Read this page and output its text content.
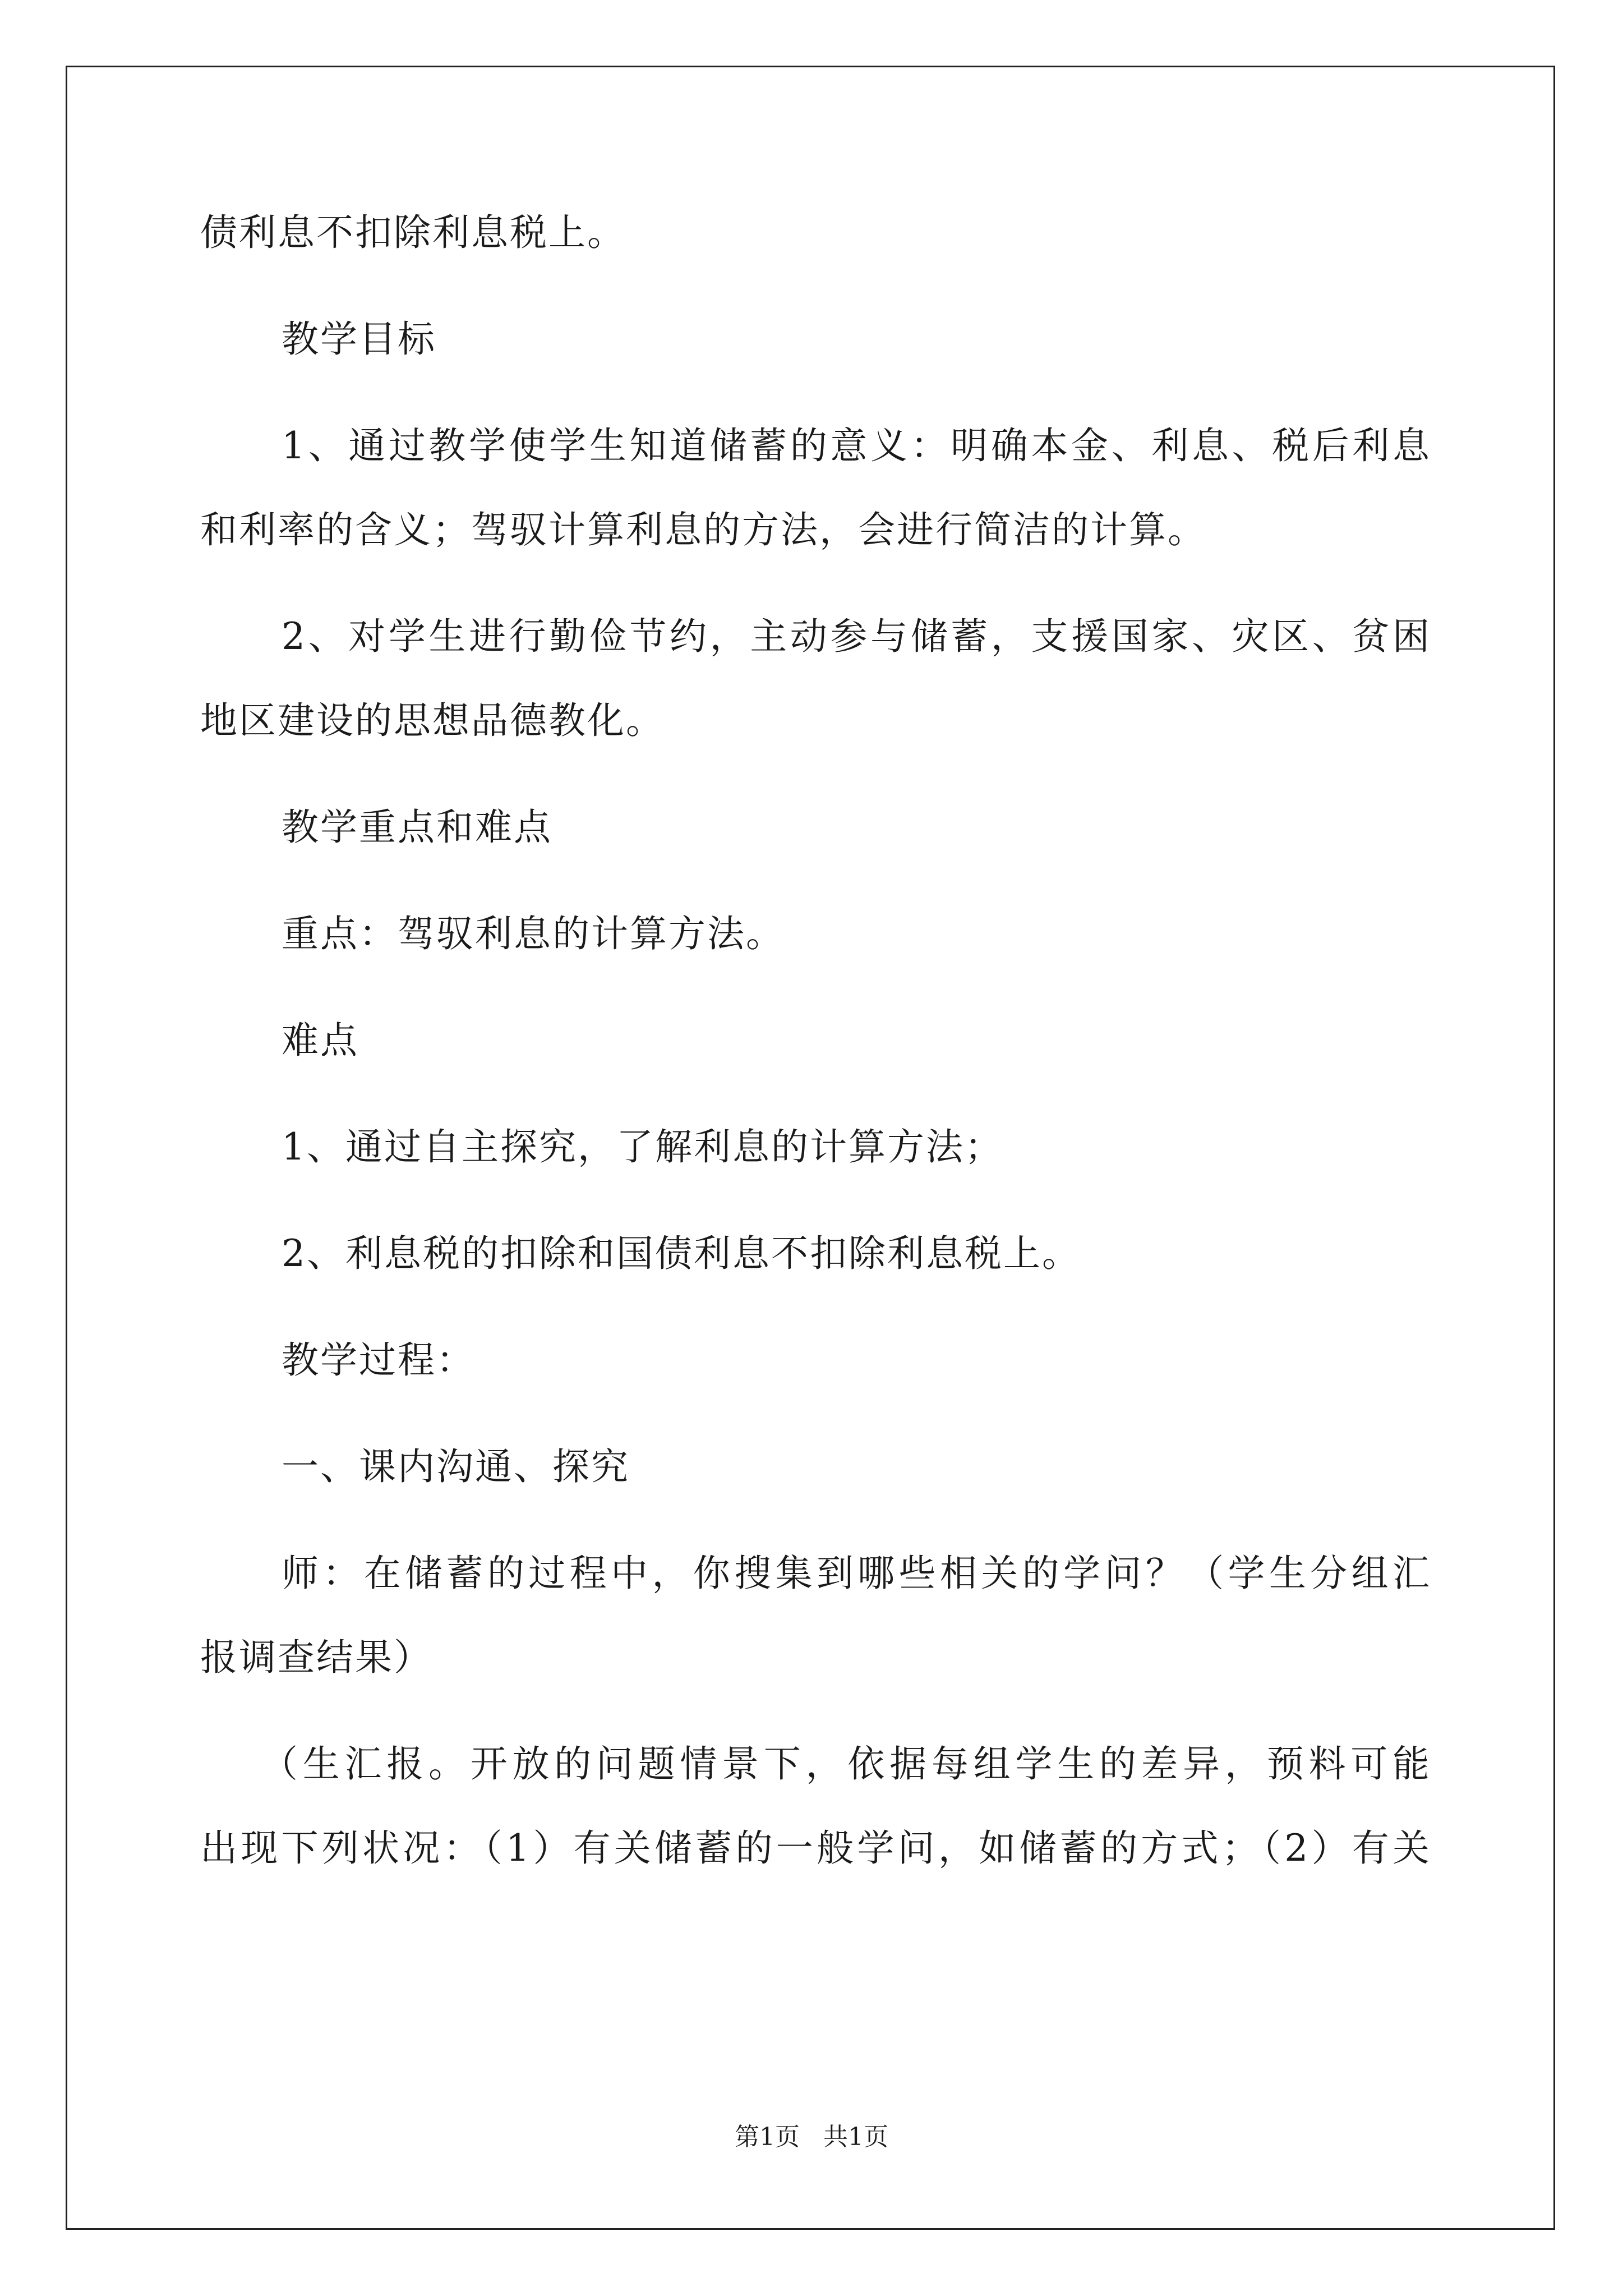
债利息不扣除利息税上。
教学目标
1、通过教学使学生知道储蓄的意义：明确本金、利息、税后利息
和利率的含义；驾驭计算利息的方法，会进行简洁的计算。
2、对学生进行勤俭节约，主动参与储蓄，支援国家、灾区、贫困
地区建设的思想品德教化。
教学重点和难点
重点：驾驭利息的计算方法。
难点
1、通过自主探究，了解利息的计算方法；
2、利息税的扣除和国债利息不扣除利息税上。
教学过程：
一、课内沟通、探究
师：在储蓄的过程中，你搜集到哪些相关的学问？（学生分组汇
报调查结果）
（生汇报。开放的问题情景下，依据每组学生的差异，预料可能
出现下列状况：（1）有关储蓄的一般学问，如储蓄的方式；（2）有关
第1页   共1页
